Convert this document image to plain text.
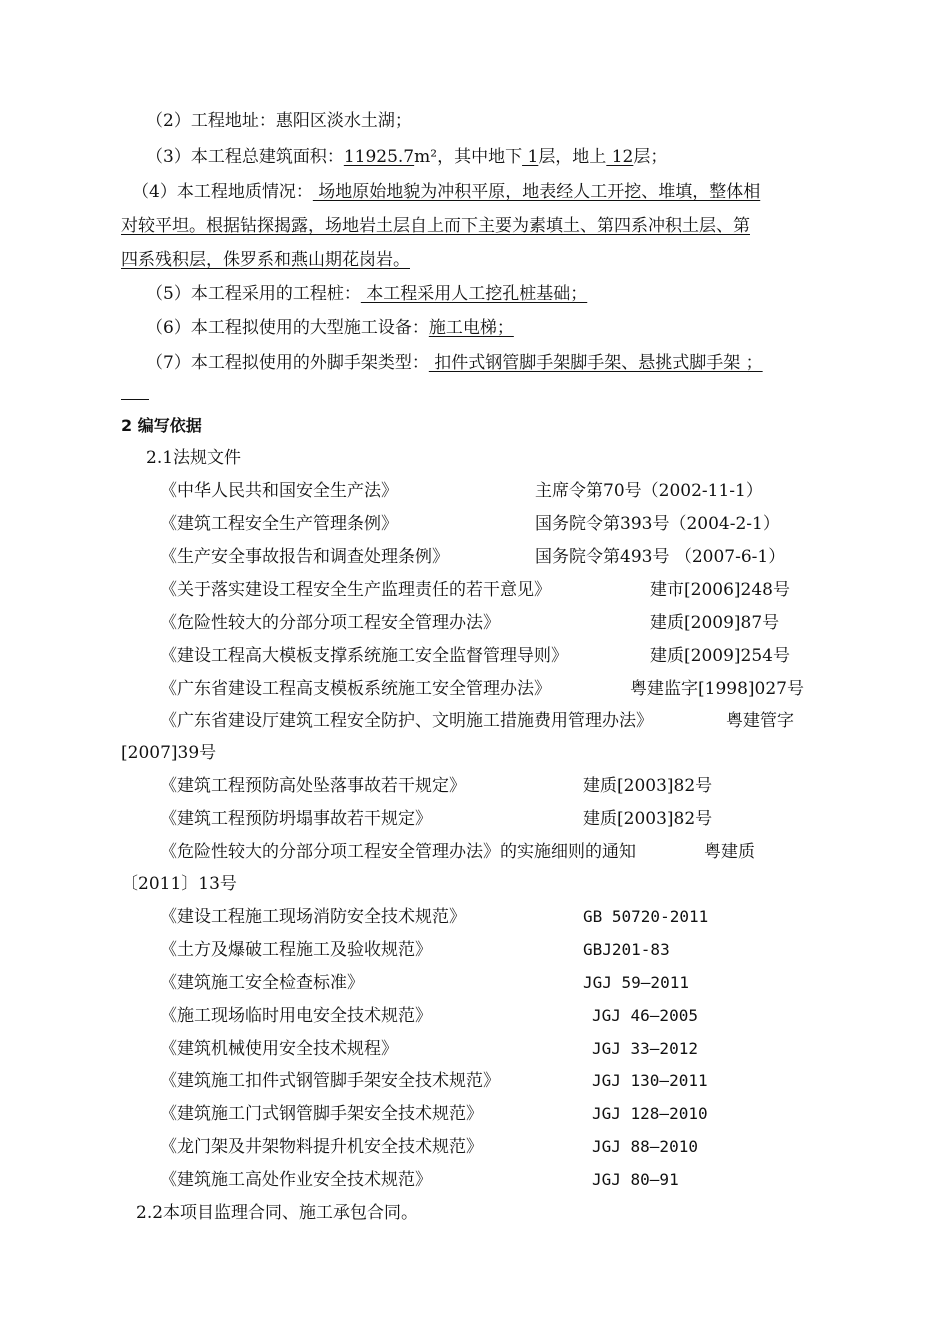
（2）工程地址：惠阳区淡水土湖；
（3）本工程总建筑面积：11925.7m²，其中地下 1层，地上 12层；
（4）本工程地质情况： 场地原始地貌为冲积平原，地表经人工开挖、堆填，整体相
对较平坦。根据钻探揭露，场地岩土层自上而下主要为素填土、第四系冲积土层、第
四系残积层，侏罗系和燕山期花岗岩。
（5）本工程采用的工程桩： 本工程采用人工挖孔桩基础；
（6）本工程拟使用的大型施工设备：施工电梯；
（7）本工程拟使用的外脚手架类型： 扣件式钢管脚手架脚手架、悬挑式脚手架 ；
2 编写依据
2.1法规文件
《中华人民共和国安全生产法》	主席令第70号（2002-11-1）
《建筑工程安全生产管理条例》	国务院令第393号（2004-2-1）
《生产安全事故报告和调查处理条例》	国务院令第493号 （2007-6-1）
《关于落实建设工程安全生产监理责任的若干意见》	建市[2006]248号
《危险性较大的分部分项工程安全管理办法》	建质[2009]87号
《建设工程高大模板支撑系统施工安全监督管理导则》	建质[2009]254号
《广东省建设工程高支模板系统施工安全管理办法》	粤建监字[1998]027号
《广东省建设厅建筑工程安全防护、文明施工措施费用管理办法》	粤建管字
[2007]39号
《建筑工程预防高处坠落事故若干规定》	建质[2003]82号
《建筑工程预防坍塌事故若干规定》	建质[2003]82号
《危险性较大的分部分项工程安全管理办法》的实施细则的通知	粤建质
〔2011〕13号
《建设工程施工现场消防安全技术规范》	GB 50720-2011
《土方及爆破工程施工及验收规范》	GBJ201-83
《建筑施工安全检查标准》	JGJ 59—2011
《施工现场临时用电安全技术规范》	JGJ 46—2005
《建筑机械使用安全技术规程》	JGJ 33—2012
《建筑施工扣件式钢管脚手架安全技术规范》	JGJ 130—2011
《建筑施工门式钢管脚手架安全技术规范》	JGJ 128—2010
《龙门架及井架物料提升机安全技术规范》	JGJ 88—2010
《建筑施工高处作业安全技术规范》	JGJ 80—91
2.2本项目监理合同、施工承包合同。
